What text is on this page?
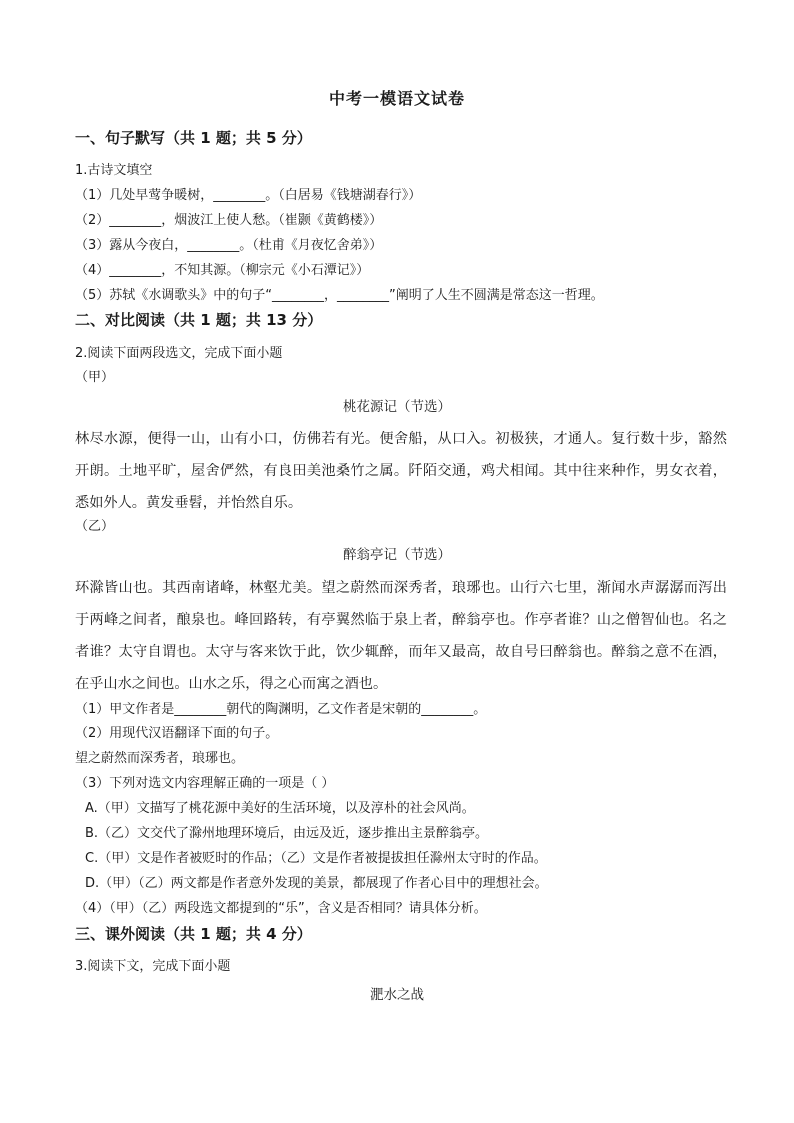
中考一模语文试卷
一、句子默写（共 1 题；共 5 分）
1.古诗文填空
（1）几处早莺争暖树，________。（白居易《钱塘湖春行》）
（2）________，烟波江上使人愁。（崔颢《黄鹤楼》）
（3）露从今夜白，________。（杜甫《月夜忆舍弟》）
（4）________，不知其源。（柳宗元《小石潭记》）
（5）苏轼《水调歌头》中的句子“________，________”阐明了人生不圆满是常态这一哲理。
二、对比阅读（共 1 题；共 13 分）
2.阅读下面两段选文，完成下面小题
（甲）
桃花源记（节选）
林尽水源，便得一山，山有小口，仿佛若有光。便舍船，从口入。初极狭，才通人。复行数十步，豁然开朗。土地平旷，屋舍俨然，有良田美池桑竹之属。阡陌交通，鸡犬相闻。其中往来种作，男女衣着，悉如外人。黄发垂髫，并怡然自乐。
（乙）
醉翁亭记（节选）
环滁皆山也。其西南诸峰，林壑尤美。望之蔚然而深秀者，琅琊也。山行六七里，渐闻水声潺潺而泻出于两峰之间者，酿泉也。峰回路转，有亭翼然临于泉上者，醉翁亭也。作亭者谁？山之僧智仙也。名之者谁？太守自谓也。太守与客来饮于此，饮少辄醉，而年又最高，故自号曰醉翁也。醉翁之意不在酒，在乎山水之间也。山水之乐，得之心而寓之酒也。
（1）甲文作者是________朝代的陶渊明，乙文作者是宋朝的________。
（2）用现代汉语翻译下面的句子。
望之蔚然而深秀者，琅琊也。
（3）下列对选文内容理解正确的一项是（ ）
A.（甲）文描写了桃花源中美好的生活环境，以及淳朴的社会风尚。
B.（乙）文交代了滁州地理环境后，由远及近，逐步推出主景醉翁亭。
C.（甲）文是作者被贬时的作品；（乙）文是作者被提拔担任滁州太守时的作品。
D.（甲）（乙）两文都是作者意外发现的美景，都展现了作者心目中的理想社会。
（4）（甲）（乙）两段选文都提到的“乐”，含义是否相同？请具体分析。
三、课外阅读（共 1 题；共 4 分）
3.阅读下文，完成下面小题
淝水之战
